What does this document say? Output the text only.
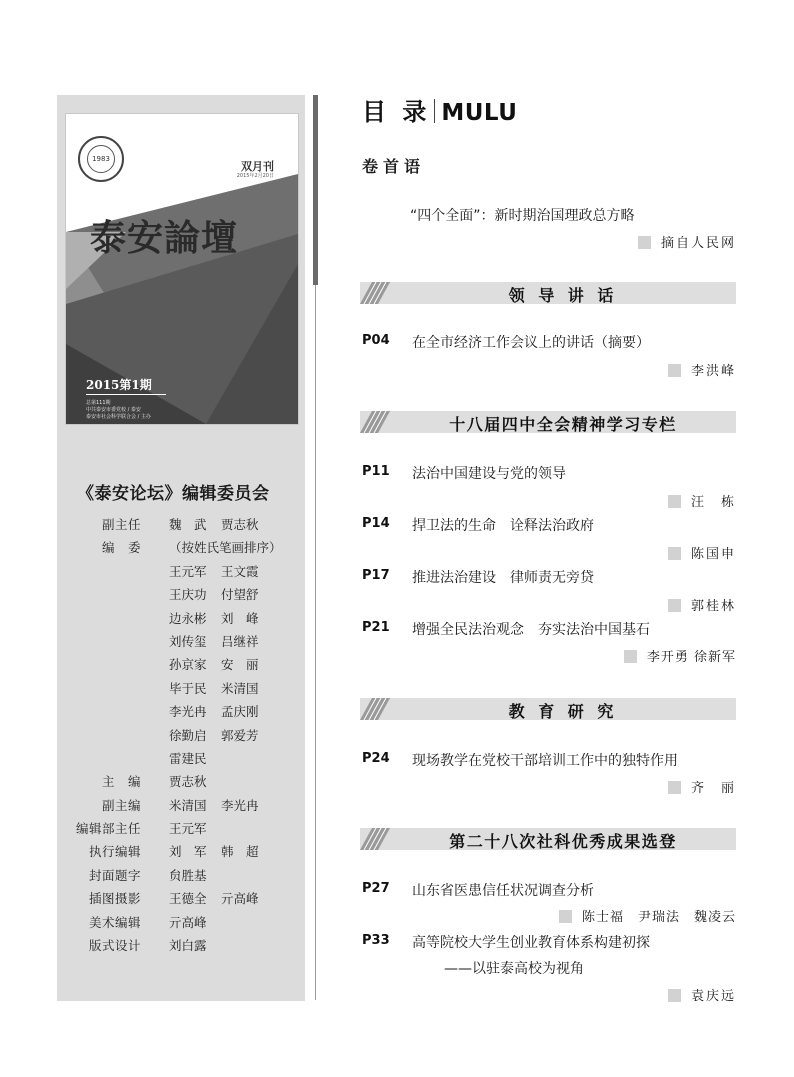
1983
双月刊
2015年2月20日
泰安論壇
2015第1期
总第111期
中共泰安市委党校 / 泰安
泰安市社会科学联合会 / 主办
《泰安论坛》编辑委员会
副主任 魏　武 贾志秋
编　委 （按姓氏笔画排序）
王元军 王文霞
王庆功 付望舒
边永彬 刘　峰
刘传玺 吕继祥
孙京家 安　丽
毕于民 米清国
李光冉 孟庆刚
徐勤启 郭爱芳
雷建民
主　编 贾志秋
副主编 米清国 李光冉
编辑部主任 王元军
执行编辑 刘　军 韩　超
封面题字 贠胜基
插图摄影 王德全 亓高峰
美术编辑 亓高峰
版式设计 刘白露
目 录 MULU
卷首语
“四个全面”：新时期治国理政总方略
摘自人民网
领 导 讲 话
P04 在全市经济工作会议上的讲话（摘要）
李洪峰
十八届四中全会精神学习专栏
P11 法治中国建设与党的领导
汪　栋
P14 捍卫法的生命　诠释法治政府
陈国申
P17 推进法治建设　律师责无旁贷
郭桂林
P21 增强全民法治观念　夯实法治中国基石
李开勇 徐新军
教 育 研 究
P24 现场教学在党校干部培训工作中的独特作用
齐　丽
第二十八次社科优秀成果选登
P27 山东省医患信任状况调查分析
陈士福　尹瑞法　魏凌云
P33 高等院校大学生创业教育体系构建初探
——以驻泰高校为视角
袁庆远
